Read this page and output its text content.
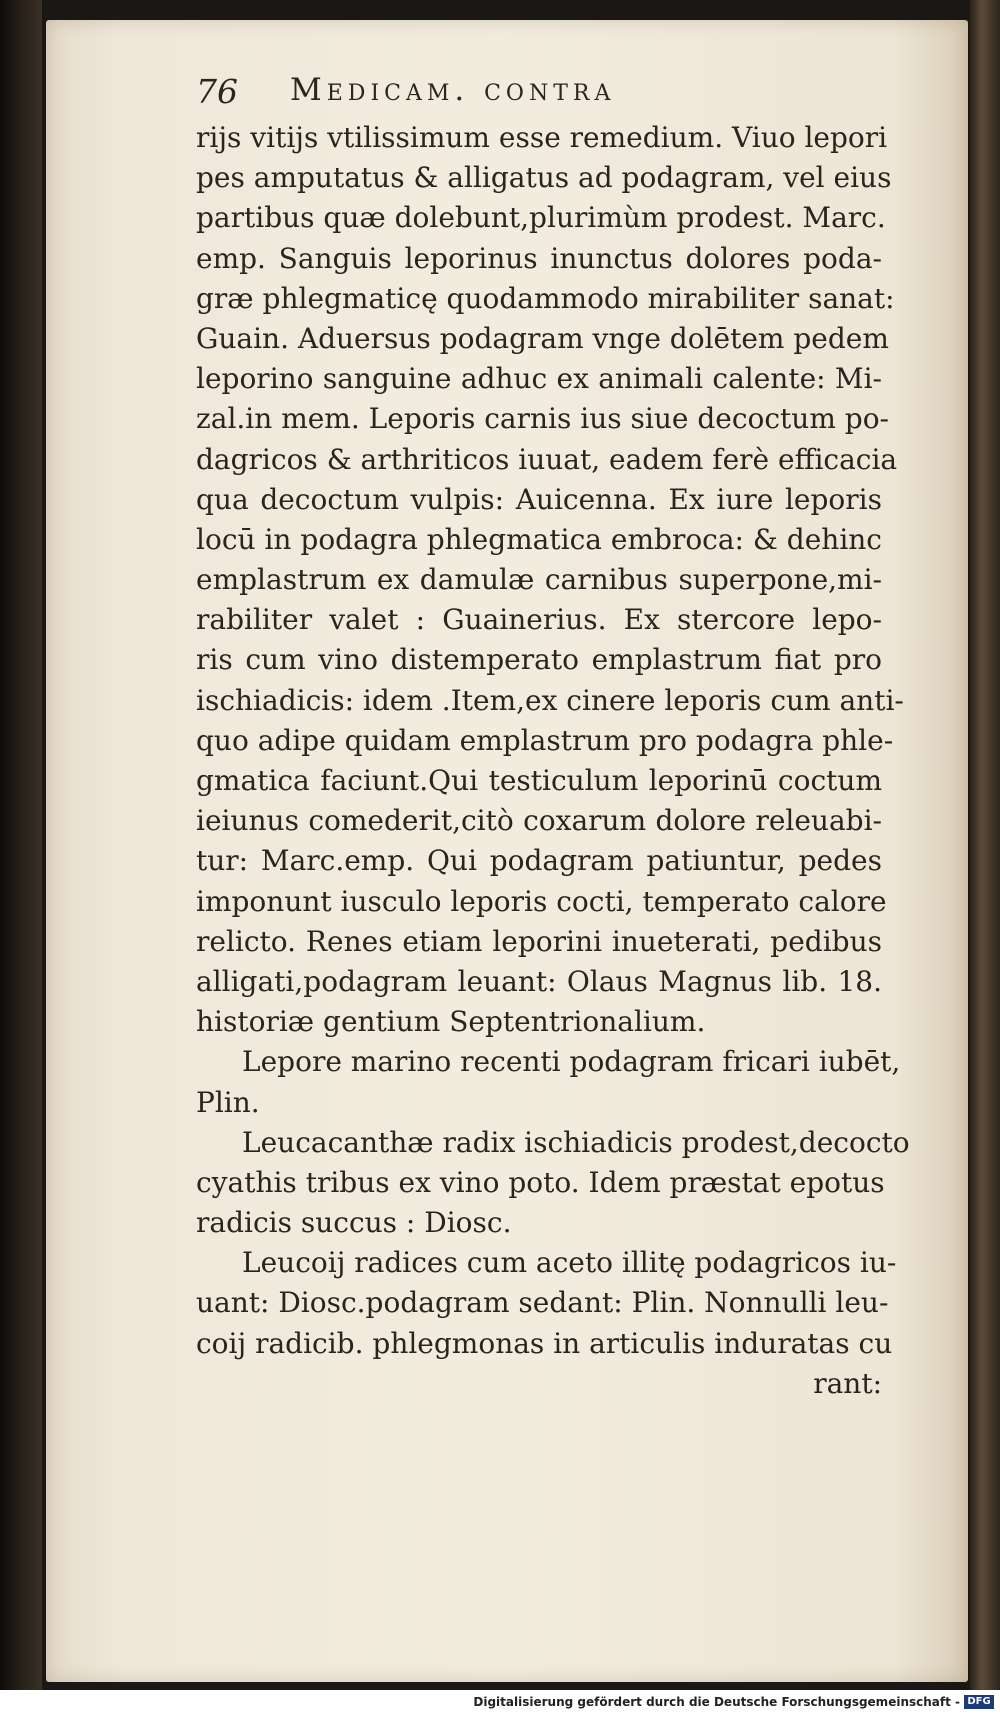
76 Medicam. contra
rijs vitijs vtilissimum esse remedium. Viuo lepori
pes amputatus & alligatus ad podagram, vel eius
partibus quæ dolebunt,plurimùm prodest. Marc.
emp. Sanguis leporinus inunctus dolores poda-
græ phlegmaticę quodammodo mirabiliter sanat:
Guain. Aduersus podagram vnge dolētem pedem
leporino sanguine adhuc ex animali calente: Mi-
zal.in mem. Leporis carnis ius siue decoctum po-
dagricos & arthriticos iuuat, eadem ferè efficacia
qua decoctum vulpis: Auicenna. Ex iure leporis
locū in podagra phlegmatica embroca: & dehinc
emplastrum ex damulæ carnibus superpone,mi-
rabiliter valet : Guainerius. Ex stercore lepo-
ris cum vino distemperato emplastrum fiat pro
ischiadicis: idem .Item,ex cinere leporis cum anti-
quo adipe quidam emplastrum pro podagra phle-
gmatica faciunt.Qui testiculum leporinū coctum
ieiunus comederit,citò coxarum dolore releuabi-
tur: Marc.emp. Qui podagram patiuntur, pedes
imponunt iusculo leporis cocti, temperato calore
relicto. Renes etiam leporini inueterati, pedibus
alligati,podagram leuant: Olaus Magnus lib. 18.
historiæ gentium Septentrionalium.
Lepore marino recenti podagram fricari iubēt,
Plin.
Leucacanthæ radix ischiadicis prodest,decocto
cyathis tribus ex vino poto. Idem præstat epotus
radicis succus : Diosc.
Leucoij radices cum aceto illitę podagricos iu-
uant: Diosc.podagram sedant: Plin. Nonnulli leu-
coij radicib. phlegmonas in articulis induratas cu
rant:
Digitalisierung gefördert durch die Deutsche Forschungsgemeinschaft - DFG
